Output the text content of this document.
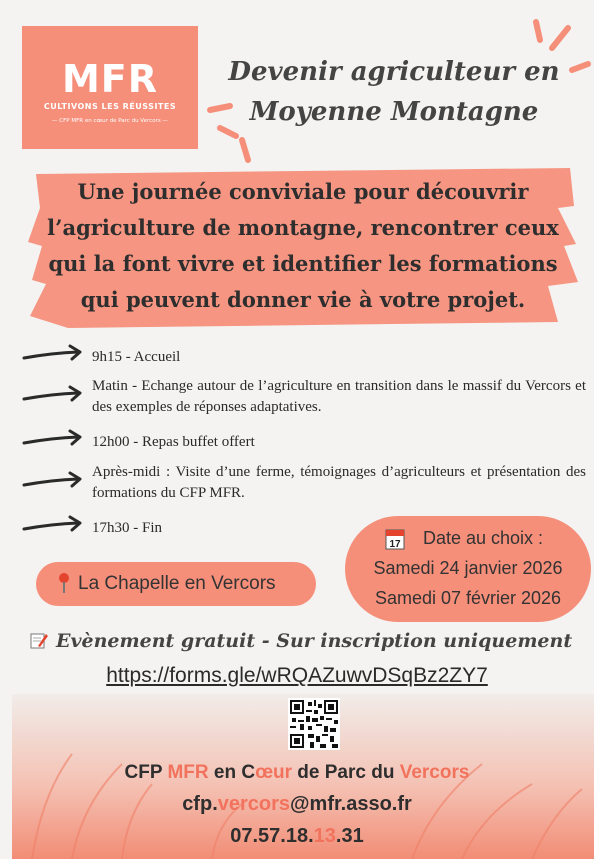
MFR
CULTIVONS LES RÉUSSITES
— CFP MFR en cœur de Parc du Vercors —
Devenir agriculteur en
Moyenne Montagne
Une journée conviviale pour découvrir
l’agriculture de montagne, rencontrer ceux
qui la font vivre et identifier les formations
qui peuvent donner vie à votre projet.
9h15 - Accueil
Matin - Echange autour de l’agriculture en transition dans le massif du Vercors et des exemples de réponses adaptatives.
12h00 - Repas buffet offert
Après-midi : Visite d’une ferme, témoignages d’agriculteurs et présentation des formations du CFP MFR.
17h30 - Fin
La Chapelle en Vercors
17	Date au choix :
Samedi 24 janvier 2026
Samedi 07 février 2026
Evènement gratuit - Sur inscription uniquement
https://forms.gle/wRQAZuwvDSqBz2ZY7
CFP MFR en Cœur de Parc du Vercors
cfp.vercors@mfr.asso.fr
07.57.18.13.31
